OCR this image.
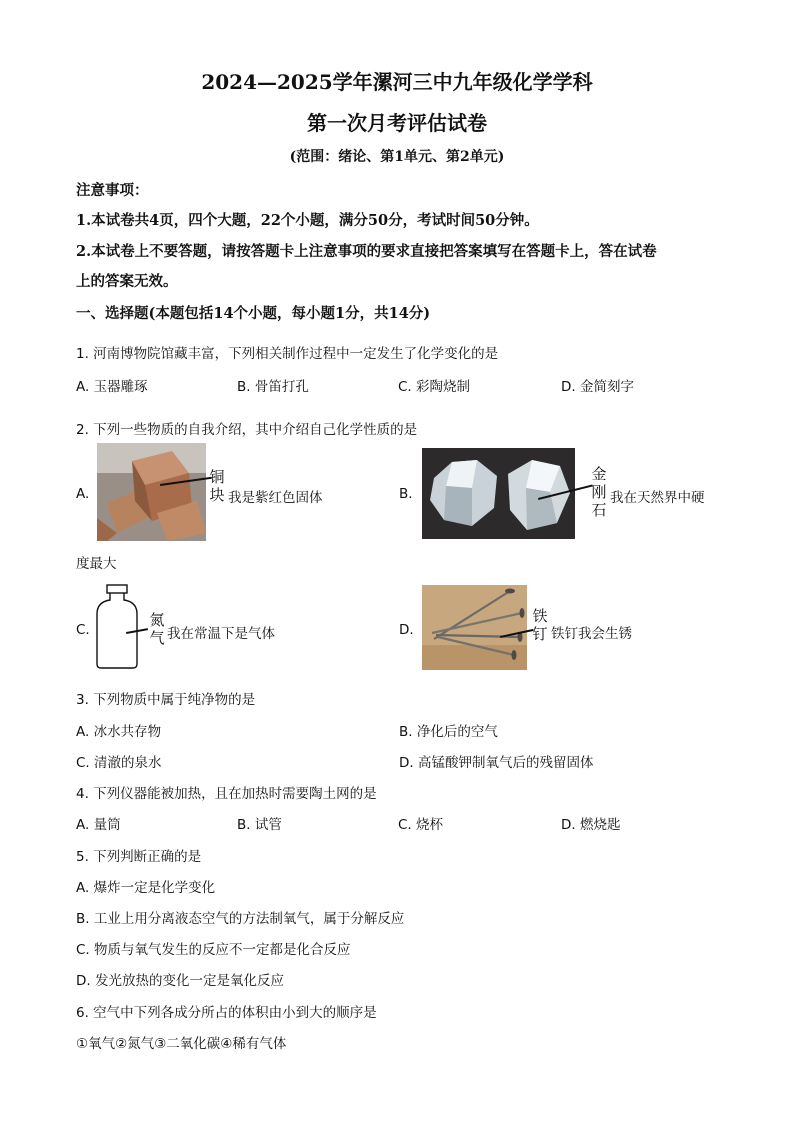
2024—2025学年漯河三中九年级化学学科
第一次月考评估试卷
(范围：绪论、第1单元、第2单元)
注意事项：
1.本试卷共4页，四个大题，22个小题，满分50分，考试时间50分钟。
2.本试卷上不要答题，请按答题卡上注意事项的要求直接把答案填写在答题卡上，答在试卷
上的答案无效。
一、选择题(本题包括14个小题，每小题1分，共14分)
1. 河南博物院馆藏丰富，下列相关制作过程中一定发生了化学变化的是
A. 玉器雕琢	B. 骨笛打孔	C. 彩陶烧制	D. 金简刻字
2. 下列一些物质的自我介绍，其中介绍自己化学性质的是
A.
铜块 我是紫红色固体	B.
金刚石
我在天然界中硬
度最大
C.
氮气 我在常温下是气体	D.
铁钉 铁钉我会生锈
3. 下列物质中属于纯净物的是
A. 冰水共存物	B. 净化后的空气
C. 清澈的泉水	D. 高锰酸钾制氧气后的残留固体
4. 下列仪器能被加热，且在加热时需要陶土网的是
A. 量筒	B. 试管	C. 烧杯	D. 燃烧匙
5. 下列判断正确的是
A. 爆炸一定是化学变化
B. 工业上用分离液态空气的方法制氧气，属于分解反应
C. 物质与氧气发生的反应不一定都是化合反应
D. 发光放热的变化一定是氧化反应
6. 空气中下列各成分所占的体积由小到大的顺序是
①氧气②氮气③二氧化碳④稀有气体
